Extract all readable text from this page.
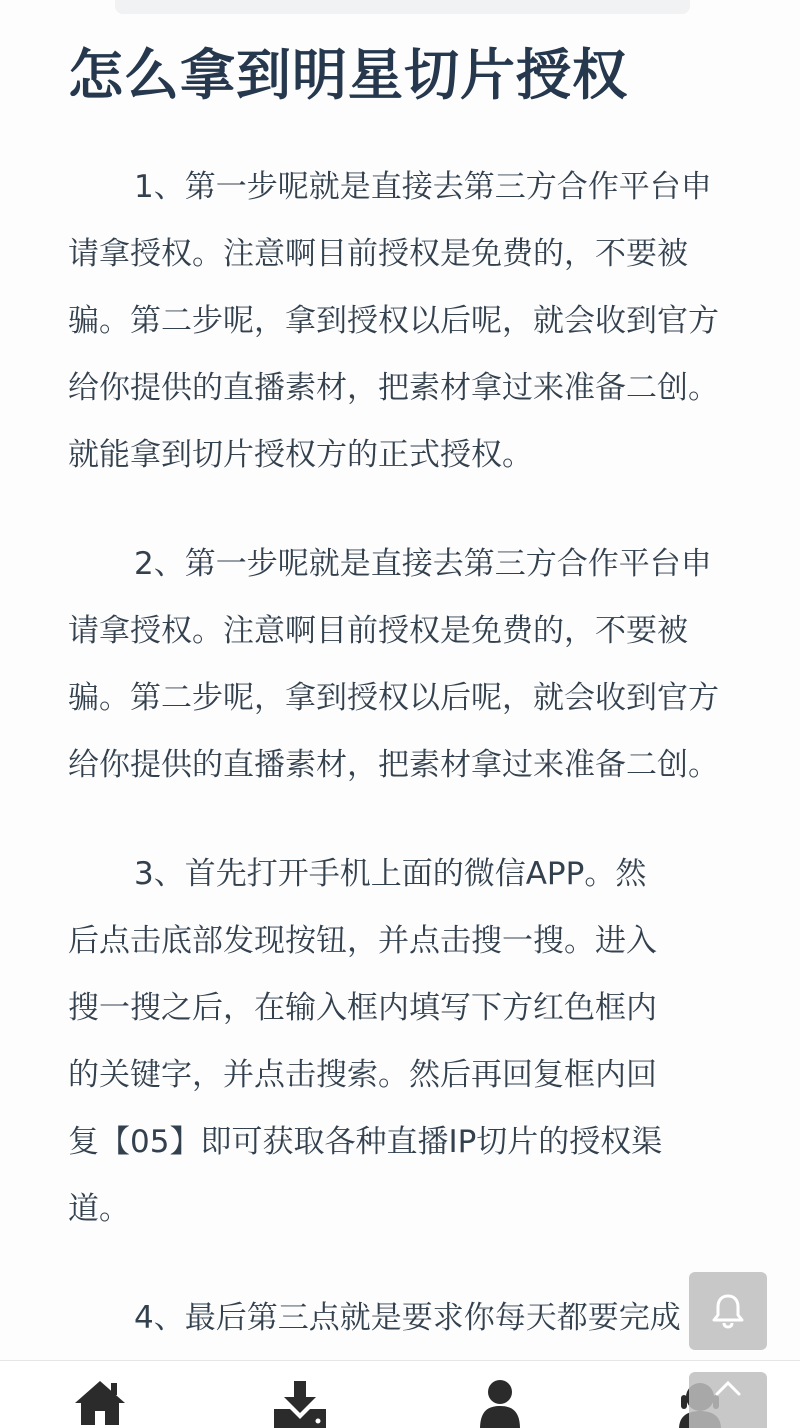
怎么拿到明星切片授权

1、第一步呢就是直接去第三方合作平台申请拿授权。注意啊目前授权是免费的，不要被骗。第二步呢，拿到授权以后呢，就会收到官方给你提供的直播素材，把素材拿过来准备二创。就能拿到切片授权方的正式授权。

2、第一步呢就是直接去第三方合作平台申请拿授权。注意啊目前授权是免费的，不要被骗。第二步呢，拿到授权以后呢，就会收到官方给你提供的直播素材，把素材拿过来准备二创。

3、首先打开手机上面的微信APP。然后点击底部发现按钮，并点击搜一搜。进入搜一搜之后，在输入框内填写下方红色框内的关键字，并点击搜索。然后再回复框内回复【05】即可获取各种直播IP切片的授权渠道。

4、最后第三点就是要求你每天都要完成
